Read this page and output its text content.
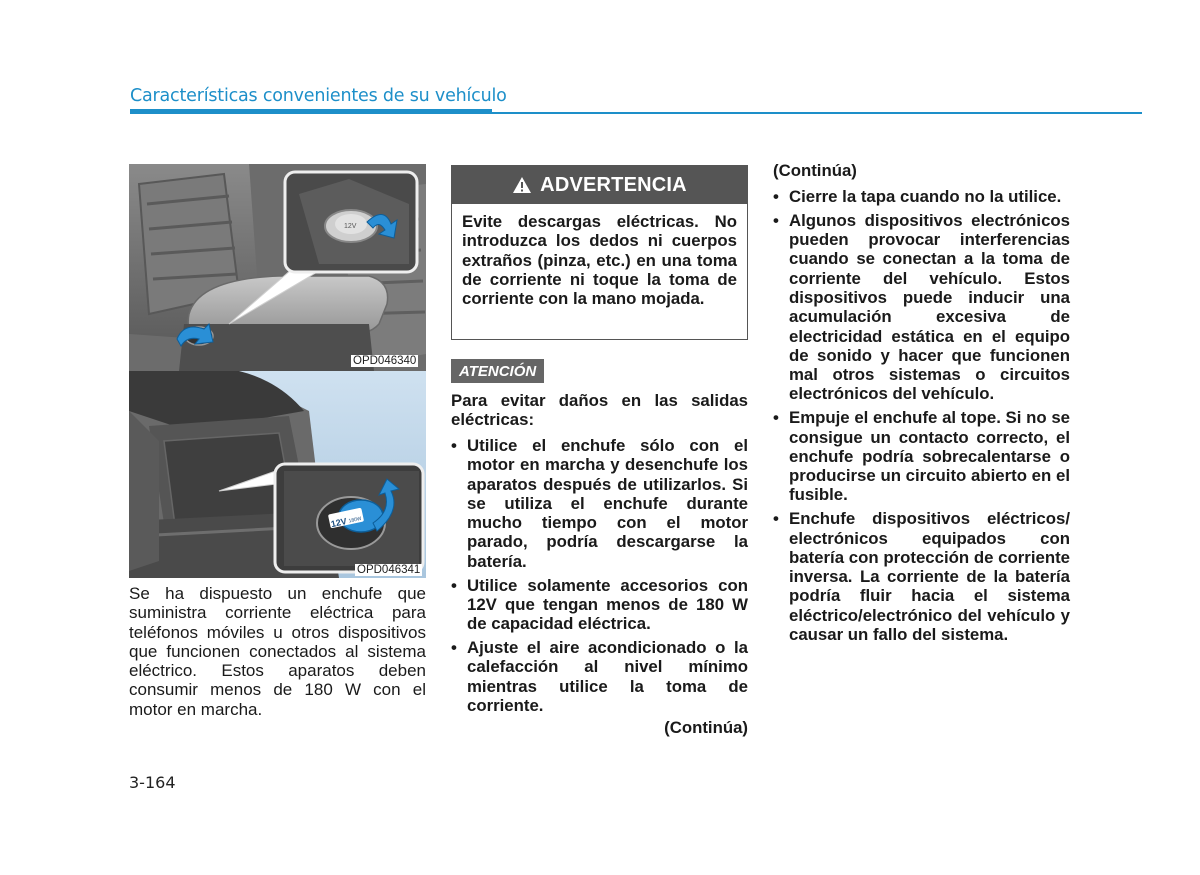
Características convenientes de su vehículo
12V
OPD046340
12V 180W
OPD046341
Se ha dispuesto un enchufe que suministra corriente eléctrica para teléfonos móviles u otros dispositivos que funcionen conectados al sistema eléctrico. Estos aparatos deben consumir menos de 180 W con el motor en marcha.
3-164
ADVERTENCIA
Evite descargas eléctricas. No introduzca los dedos ni cuerpos extraños (pinza, etc.) en una toma de corriente ni toque la toma de corriente con la mano mojada.
ATENCIÓN
Para evitar daños en las salidas eléctricas:
• Utilice el enchufe sólo con el motor en marcha y desenchufe los aparatos después de utilizarlos. Si se utiliza el enchufe durante mucho tiempo con el motor parado, podría descargarse la batería.
• Utilice solamente accesorios con 12V que tengan menos de 180 W de capacidad eléctrica.
• Ajuste el aire acondicionado o la calefacción al nivel mínimo mientras utilice la toma de corriente.
(Continúa)
(Continúa)
• Cierre la tapa cuando no la utilice.
• Algunos dispositivos electrónicos pueden provocar interferencias cuando se conectan a la toma de corriente del vehículo. Estos dispositivos puede inducir una acumulación excesiva de electricidad estática en el equipo de sonido y hacer que funcionen mal otros sistemas o circuitos electrónicos del vehículo.
• Empuje el enchufe al tope. Si no se consigue un contacto correcto, el enchufe podría sobrecalentarse o producirse un circuito abierto en el fusible.
• Enchufe dispositivos eléctricos/ electrónicos equipados con batería con protección de corriente inversa. La corriente de la batería podría fluir hacia el sistema eléctrico/electrónico del vehículo y causar un fallo del sistema.
